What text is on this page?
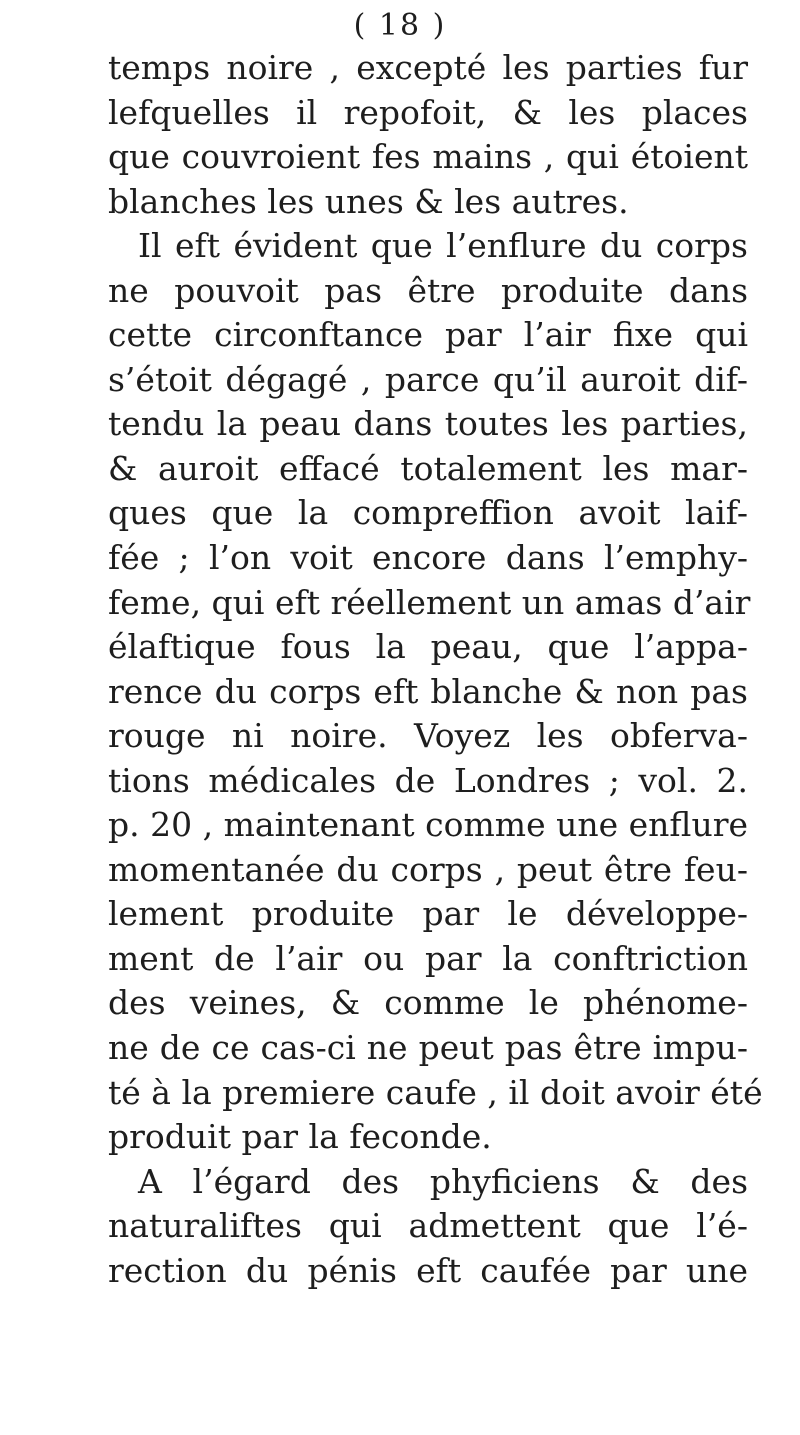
( 18 )
temps noire , excepté les parties fur
lefquelles il repofoit, & les places
que couvroient fes mains , qui étoient
blanches les unes & les autres.
Il eft évident que l’enflure du corps
ne pouvoit pas être produite dans
cette circonftance par l’air fixe qui
s’étoit dégagé , parce qu’il auroit dif-
tendu la peau dans toutes les parties,
& auroit effacé totalement les mar-
ques que la compreffion avoit laif-
fée ; l’on voit encore dans l’emphy-
feme, qui eft réellement un amas d’air
élaftique fous la peau, que l’appa-
rence du corps eft blanche & non pas
rouge ni noire. Voyez les obferva-
tions médicales de Londres ; vol. 2.
p. 20 , maintenant comme une enflure
momentanée du corps , peut être feu-
lement produite par le développe-
ment de l’air ou par la conftriction
des veines, & comme le phénome-
ne de ce cas-ci ne peut pas être impu-
té à la premiere caufe , il doit avoir été
produit par la feconde.
A l’égard des phyficiens & des
naturaliftes qui admettent que l’é-
rection du pénis eft caufée par une
